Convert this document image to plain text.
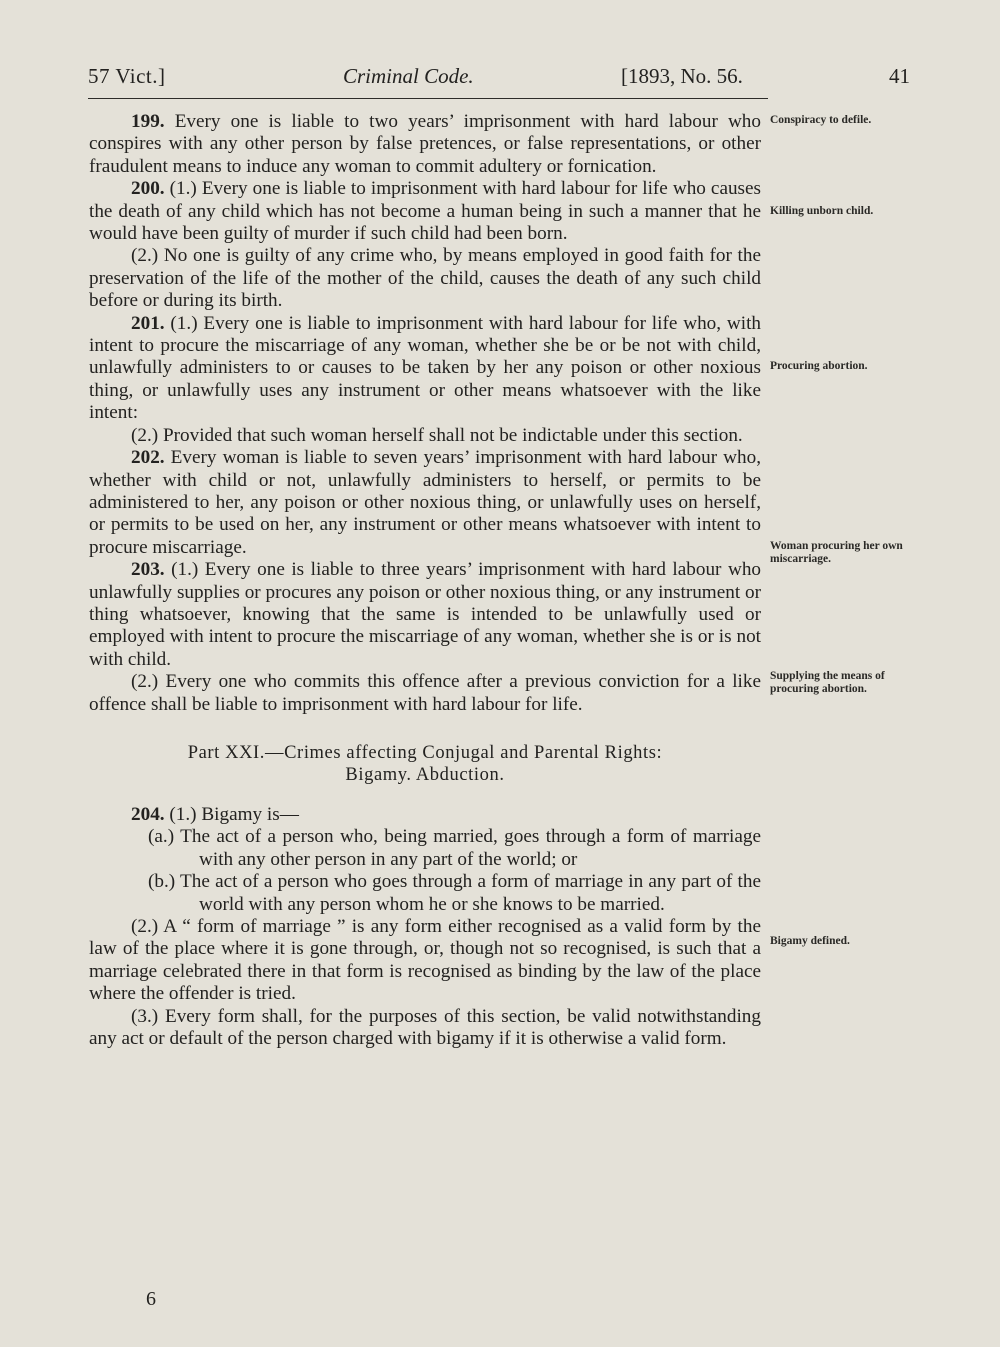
57 Vict.]	Criminal Code.	[1893, No. 56.	41

199. Every one is liable to two years’ imprisonment with hard labour who conspires with any other person by false pretences, or false representations, or other fraudulent means to induce any woman to commit adultery or fornication.

200. (1.) Every one is liable to imprisonment with hard labour for life who causes the death of any child which has not become a human being in such a manner that he would have been guilty of murder if such child had been born.

(2.) No one is guilty of any crime who, by means employed in good faith for the preservation of the life of the mother of the child, causes the death of any such child before or during its birth.

201. (1.) Every one is liable to imprisonment with hard labour for life who, with intent to procure the miscarriage of any woman, whether she be or be not with child, unlawfully administers to or causes to be taken by her any poison or other noxious thing, or unlawfully uses any instrument or other means whatsoever with the like intent:

(2.) Provided that such woman herself shall not be indictable under this section.

202. Every woman is liable to seven years’ imprisonment with hard labour who, whether with child or not, unlawfully administers to herself, or permits to be administered to her, any poison or other noxious thing, or unlawfully uses on herself, or permits to be used on her, any instrument or other means whatsoever with intent to procure miscarriage.

203. (1.) Every one is liable to three years’ imprisonment with hard labour who unlawfully supplies or procures any poison or other noxious thing, or any instrument or thing whatsoever, knowing that the same is intended to be unlawfully used or employed with intent to procure the miscarriage of any woman, whether she is or is not with child.

(2.) Every one who commits this offence after a previous conviction for a like offence shall be liable to imprisonment with hard labour for life.

Part XXI.—Crimes affecting Conjugal and Parental Rights:
Bigamy. Abduction.

204. (1.) Bigamy is—

(a.) The act of a person who, being married, goes through a form of marriage with any other person in any part of the world; or

(b.) The act of a person who goes through a form of marriage in any part of the world with any person whom he or she knows to be married.

(2.) A “ form of marriage ” is any form either recognised as a valid form by the law of the place where it is gone through, or, though not so recognised, is such that a marriage celebrated there in that form is recognised as binding by the law of the place where the offender is tried.

(3.) Every form shall, for the purposes of this section, be valid notwithstanding any act or default of the person charged with bigamy if it is otherwise a valid form.

Conspiracy to defile.
Killing unborn child.
Procuring abortion.
Woman procuring her own miscarriage.
Supplying the means of procuring abortion.
Bigamy defined.
6
